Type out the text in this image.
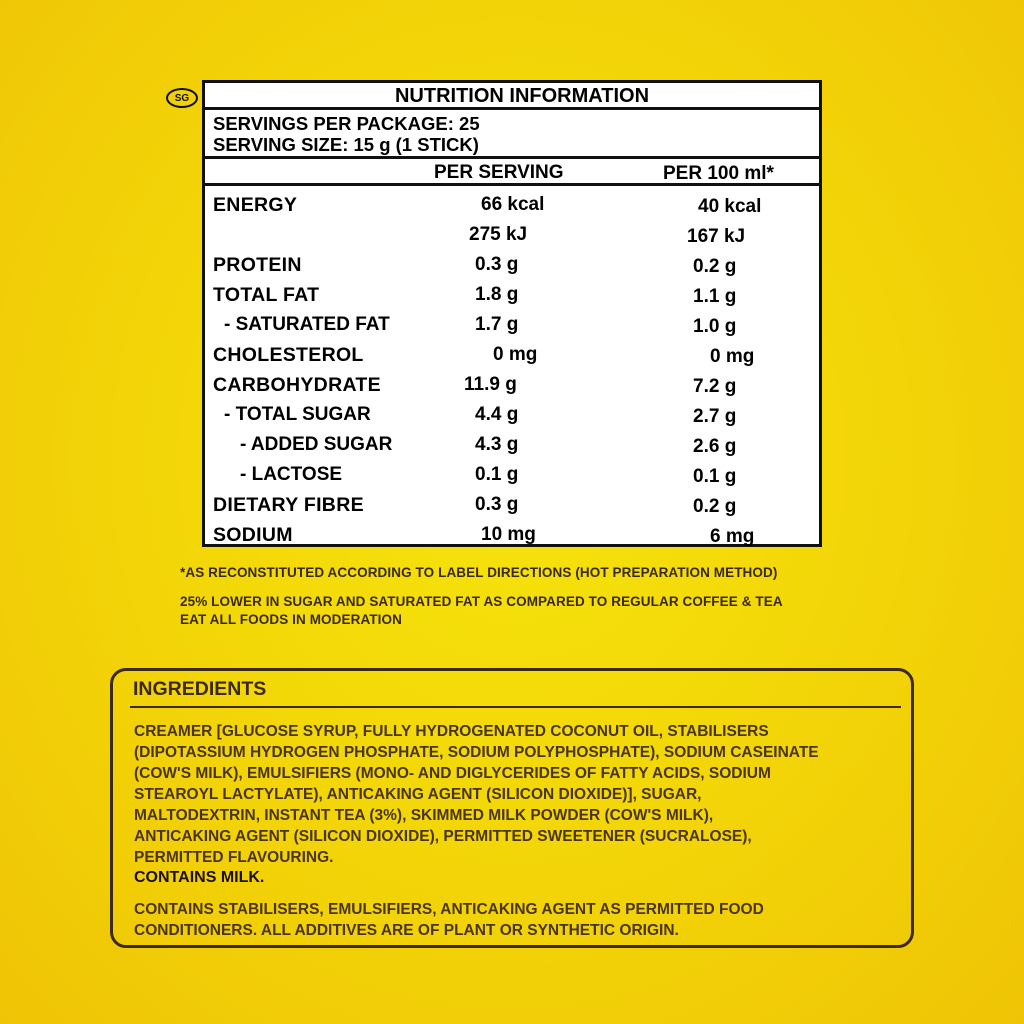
SG	NUTRITION INFORMATION
SERVINGS PER PACKAGE: 25
SERVING SIZE: 15 g (1 STICK)
PER SERVING	PER 100 ml*
ENERGY	66 kcal	40 kcal
275 kJ	167 kJ
PROTEIN	0.3 g	0.2 g
TOTAL FAT	1.8 g	1.1 g
- SATURATED FAT	1.7 g	1.0 g
CHOLESTEROL	0 mg	0 mg
CARBOHYDRATE	11.9 g	7.2 g
- TOTAL SUGAR	4.4 g	2.7 g
- ADDED SUGAR	4.3 g	2.6 g
- LACTOSE	0.1 g	0.1 g
DIETARY FIBRE	0.3 g	0.2 g
SODIUM	10 mg	6 mg
*AS RECONSTITUTED ACCORDING TO LABEL DIRECTIONS (HOT PREPARATION METHOD)
25% LOWER IN SUGAR AND SATURATED FAT AS COMPARED TO REGULAR COFFEE & TEA
EAT ALL FOODS IN MODERATION
INGREDIENTS

CREAMER [GLUCOSE SYRUP, FULLY HYDROGENATED COCONUT OIL, STABILISERS

(DIPOTASSIUM HYDROGEN PHOSPHATE, SODIUM POLYPHOSPHATE), SODIUM CASEINATE

(COW'S MILK), EMULSIFIERS (MONO- AND DIGLYCERIDES OF FATTY ACIDS, SODIUM

STEAROYL LACTYLATE), ANTICAKING AGENT (SILICON DIOXIDE)], SUGAR,

MALTODEXTRIN, INSTANT TEA (3%), SKIMMED MILK POWDER (COW'S MILK),

ANTICAKING AGENT (SILICON DIOXIDE), PERMITTED SWEETENER (SUCRALOSE),

PERMITTED FLAVOURING.

CONTAINS MILK.

CONTAINS STABILISERS, EMULSIFIERS, ANTICAKING AGENT AS PERMITTED FOOD

CONDITIONERS. ALL ADDITIVES ARE OF PLANT OR SYNTHETIC ORIGIN.
